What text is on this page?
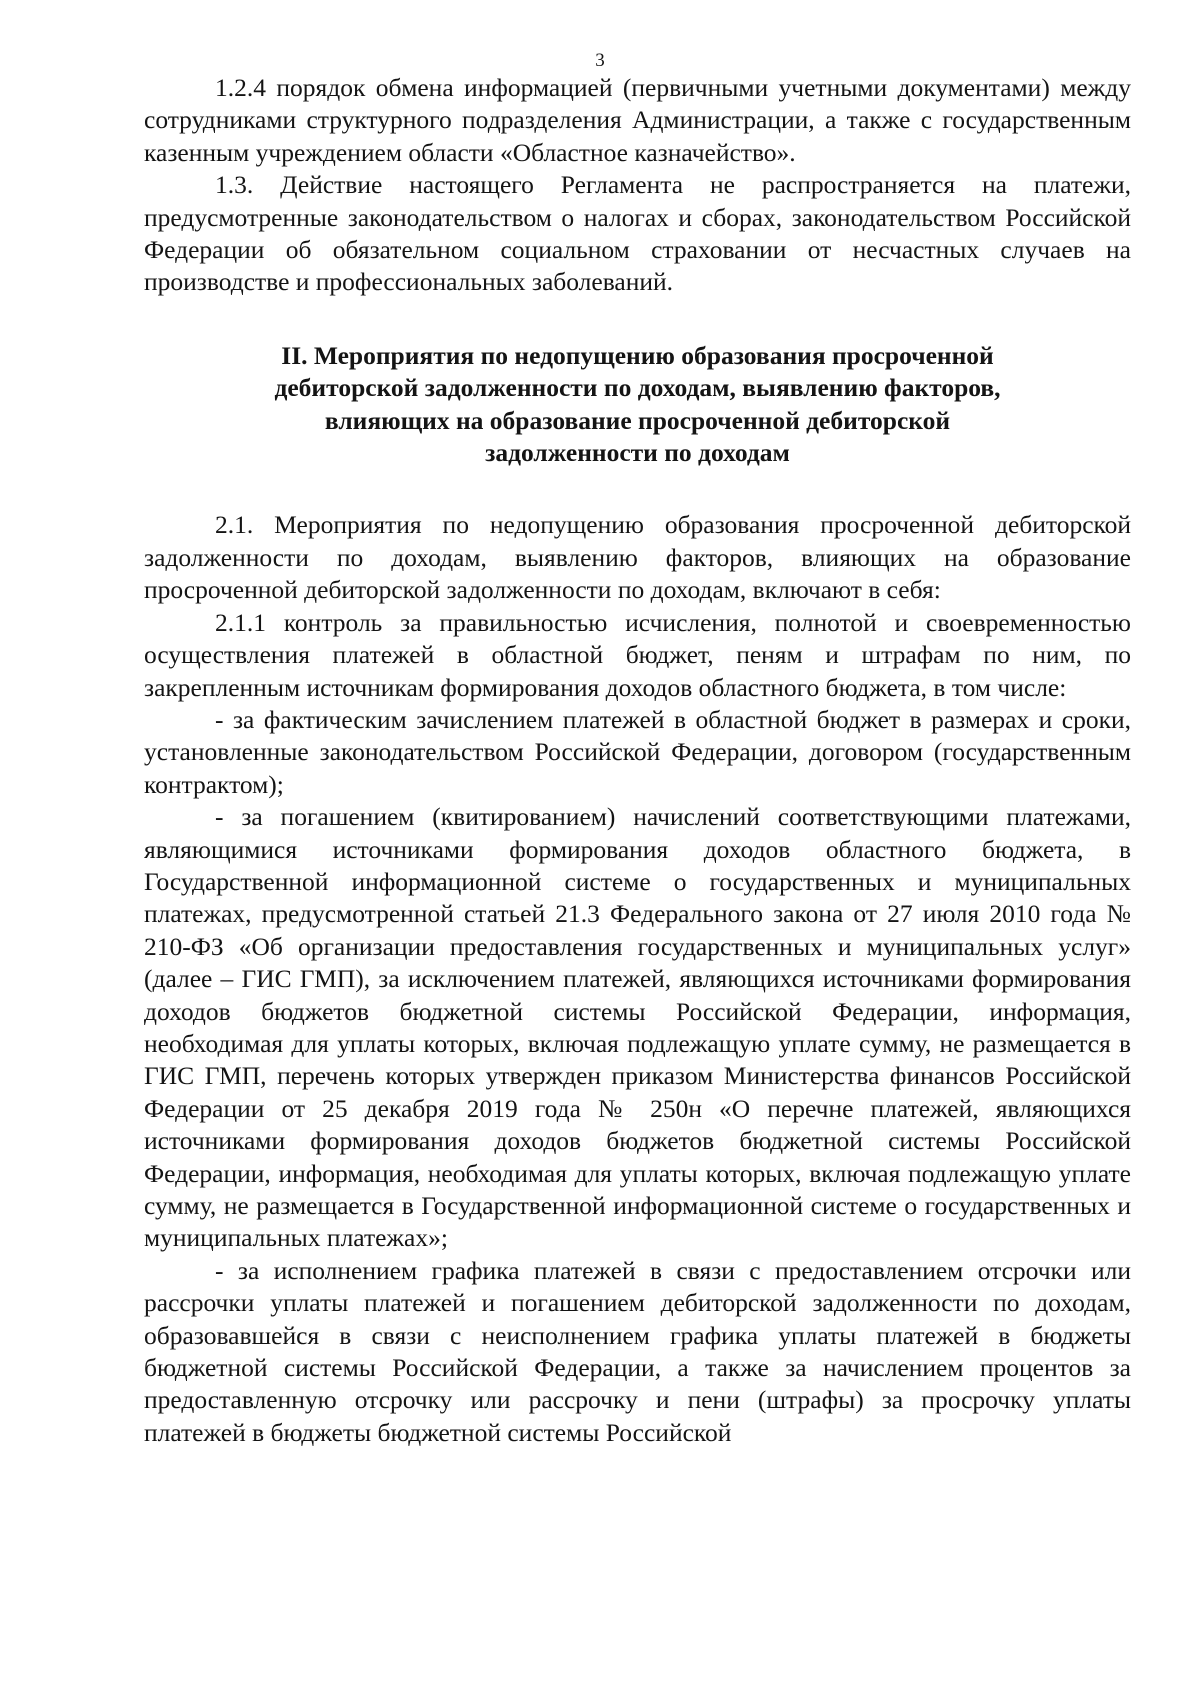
3

1.2.4 порядок обмена информацией (первичными учетными документами) между сотрудниками структурного подразделения Администрации, а также с государственным казенным учреждением области «Областное казначейство».

1.3. Действие настоящего Регламента не распространяется на платежи, предусмотренные законодательством о налогах и сборах, законодательством Российской Федерации об обязательном социальном страховании от несчастных случаев на производстве и профессиональных заболеваний.

II. Мероприятия по недопущению образования просроченной
дебиторской задолженности по доходам, выявлению факторов,
влияющих на образование просроченной дебиторской
задолженности по доходам

2.1. Мероприятия по недопущению образования просроченной дебиторской задолженности по доходам, выявлению факторов, влияющих на образование просроченной дебиторской задолженности по доходам, включают в себя:

2.1.1 контроль за правильностью исчисления, полнотой и своевременностью осуществления платежей в областной бюджет, пеням и штрафам по ним, по закрепленным источникам формирования доходов областного бюджета, в том числе:

- за фактическим зачислением платежей в областной бюджет в размерах и сроки, установленные законодательством Российской Федерации, договором (государственным контрактом);

- за погашением (квитированием) начислений соответствующими платежами, являющимися источниками формирования доходов областного бюджета, в Государственной информационной системе о государственных и муниципальных платежах, предусмотренной статьей 21.3 Федерального закона от 27 июля 2010 года № 210-ФЗ «Об организации предоставления государственных и муниципальных услуг» (далее – ГИС ГМП), за исключением платежей, являющихся источниками формирования доходов бюджетов бюджетной системы Российской Федерации, информация, необходимая для уплаты которых, включая подлежащую уплате сумму, не размещается в ГИС ГМП, перечень которых утвержден приказом Министерства финансов Российской Федерации от 25 декабря 2019 года № 250н «О перечне платежей, являющихся источниками формирования доходов бюджетов бюджетной системы Российской Федерации, информация, необходимая для уплаты которых, включая подлежащую уплате сумму, не размещается в Государственной информационной системе о государственных и муниципальных платежах»;

- за исполнением графика платежей в связи с предоставлением отсрочки или рассрочки уплаты платежей и погашением дебиторской задолженности по доходам, образовавшейся в связи с неисполнением графика уплаты платежей в бюджеты бюджетной системы Российской Федерации, а также за начислением процентов за предоставленную отсрочку или рассрочку и пени (штрафы) за просрочку уплаты платежей в бюджеты бюджетной системы Российской
